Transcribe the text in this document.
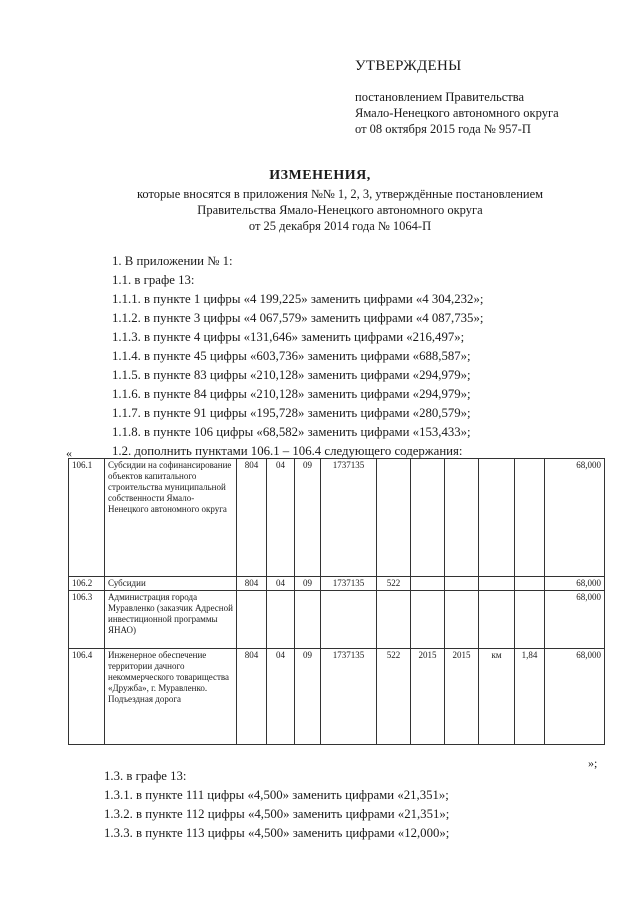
УТВЕРЖДЕНЫ
постановлением Правительства
Ямало-Ненецкого автономного округа
от 08 октября 2015 года № 957-П
ИЗМЕНЕНИЯ,
которые вносятся в приложения №№ 1, 2, 3, утверждённые постановлением
Правительства Ямало-Ненецкого автономного округа
от 25 декабря 2014 года № 1064-П
1. В приложении № 1:
1.1. в графе 13:
1.1.1. в пункте 1 цифры «4 199,225» заменить цифрами «4 304,232»;
1.1.2. в пункте 3 цифры «4 067,579» заменить цифрами «4 087,735»;
1.1.3. в пункте 4 цифры «131,646» заменить цифрами «216,497»;
1.1.4. в пункте 45 цифры «603,736» заменить цифрами «688,587»;
1.1.5. в пункте 83 цифры «210,128» заменить цифрами «294,979»;
1.1.6. в пункте 84 цифры «210,128» заменить цифрами «294,979»;
1.1.7. в пункте 91 цифры «195,728» заменить цифрами «280,579»;
1.1.8. в пункте 106 цифры «68,582» заменить цифрами «153,433»;
1.2. дополнить пунктами 106.1 – 106.4 следующего содержания:
«
106.1	Субсидии на софинансирование объектов капитального строительства муниципальной собственности Ямало-Ненецкого автономного округа	804	04	09	1737135						68,000
106.2	Субсидии	804	04	09	1737135	522					68,000
106.3	Администрация города Муравленко (заказчик Адресной инвестиционной программы ЯНАО)										68,000
106.4	Инженерное обеспечение территории дачного некоммерческого товарищества «Дружба», г. Муравленко. Подъездная дорога	804	04	09	1737135	522	2015	2015	км	1,84	68,000
»;
1.3. в графе 13:
1.3.1. в пункте 111 цифры «4,500» заменить цифрами «21,351»;
1.3.2. в пункте 112 цифры «4,500» заменить цифрами «21,351»;
1.3.3. в пункте 113 цифры «4,500» заменить цифрами «12,000»;
